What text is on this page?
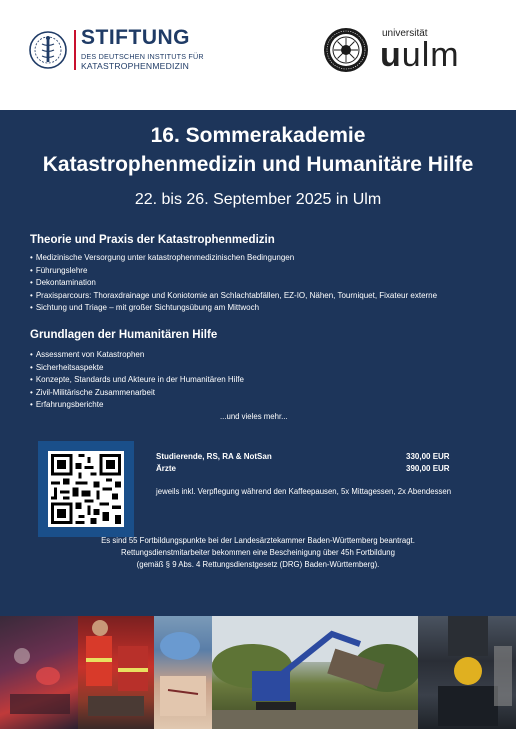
STIFTUNG
DES DEUTSCHEN INSTITUTS FÜR
KATASTROPHENMEDIZIN
universität
uulm
16. Sommerakademie
Katastrophenmedizin und Humanitäre Hilfe
22. bis 26. September 2025 in Ulm
Theorie und Praxis der Katastrophenmedizin
• Medizinische Versorgung unter katastrophenmedizinischen Bedingungen
• Führungslehre
• Dekontamination
• Praxisparcours: Thoraxdrainage und Koniotomie an Schlachtabfällen, EZ-IO, Nähen, Tourniquet, Fixateur externe
• Sichtung und Triage – mit großer Sichtungsübung am Mittwoch
Grundlagen der Humanitären Hilfe
• Assessment von Katastrophen
• Sicherheitsaspekte
• Konzepte, Standards und Akteure in der Humanitären Hilfe
• Zivil-Militärische Zusammenarbeit
• Erfahrungsberichte
...und vieles mehr...
Studierende, RS, RA & NotSan	330,00 EUR
Ärzte	390,00 EUR
jeweils inkl. Verpflegung während den Kaffeepausen, 5x Mittagessen, 2x Abendessen
Es sind 55 Fortbildungspunkte bei der Landesärztekammer Baden-Württemberg beantragt.
Rettungsdienstmitarbeiter bekommen eine Bescheinigung über 45h Fortbildung
(gemäß § 9 Abs. 4 Rettungsdienstgesetz (DRG) Baden-Württemberg).
